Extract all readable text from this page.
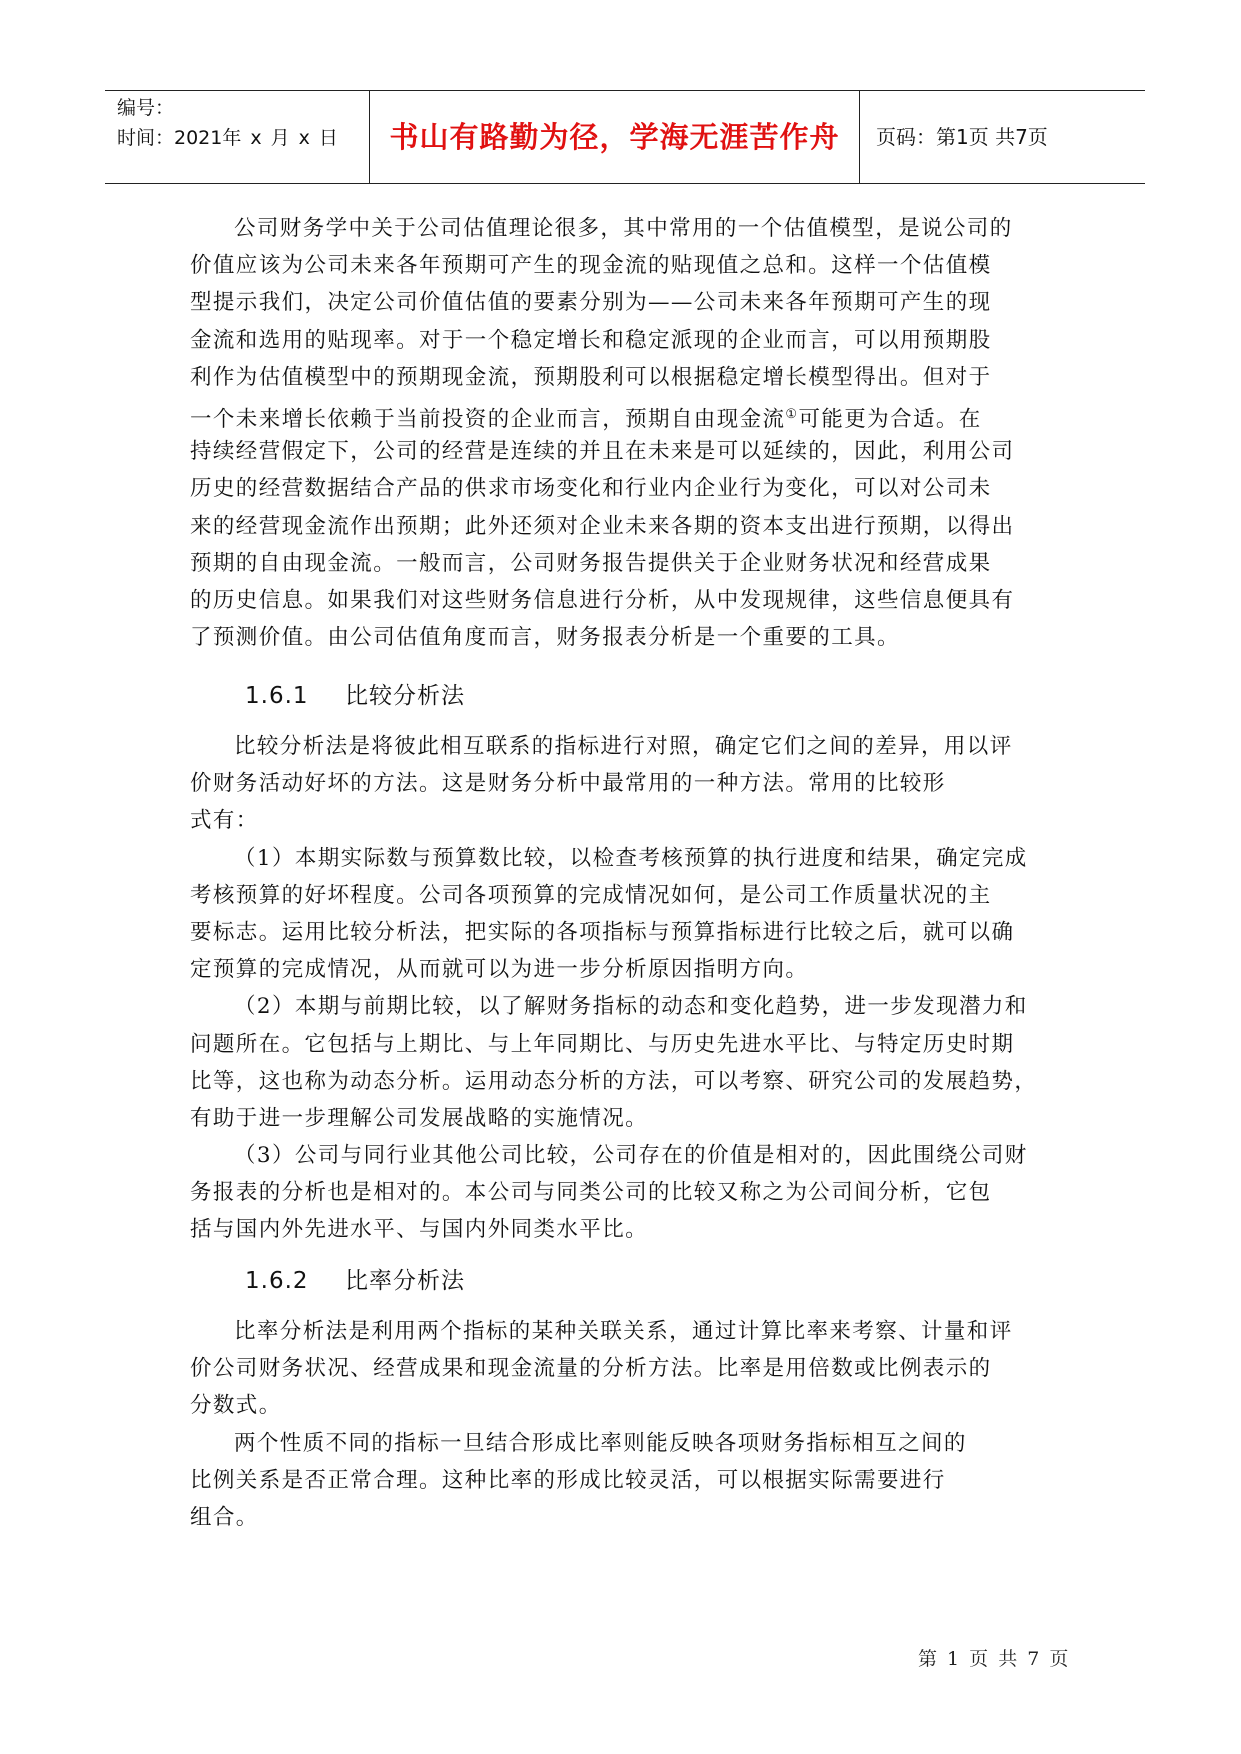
编号：
时间：2021年 x 月 x 日	书山有路勤为径，学海无涯苦作舟	页码：第1页 共7页
公司财务学中关于公司估值理论很多，其中常用的一个估值模型，是说公司的
价值应该为公司未来各年预期可产生的现金流的贴现值之总和。这样一个估值模
型提示我们，决定公司价值估值的要素分别为——公司未来各年预期可产生的现
金流和选用的贴现率。对于一个稳定增长和稳定派现的企业而言，可以用预期股
利作为估值模型中的预期现金流，预期股利可以根据稳定增长模型得出。但对于
一个未来增长依赖于当前投资的企业而言，预期自由现金流①可能更为合适。在
持续经营假定下，公司的经营是连续的并且在未来是可以延续的，因此，利用公司
历史的经营数据结合产品的供求市场变化和行业内企业行为变化，可以对公司未
来的经营现金流作出预期；此外还须对企业未来各期的资本支出进行预期，以得出
预期的自由现金流。一般而言，公司财务报告提供关于企业财务状况和经营成果
的历史信息。如果我们对这些财务信息进行分析，从中发现规律，这些信息便具有
了预测价值。由公司估值角度而言，财务报表分析是一个重要的工具。
1.6.1 比较分析法
比较分析法是将彼此相互联系的指标进行对照，确定它们之间的差异，用以评
价财务活动好坏的方法。这是财务分析中最常用的一种方法。常用的比较形
式有：
（1）本期实际数与预算数比较，以检查考核预算的执行进度和结果，确定完成
考核预算的好坏程度。公司各项预算的完成情况如何，是公司工作质量状况的主
要标志。运用比较分析法，把实际的各项指标与预算指标进行比较之后，就可以确
定预算的完成情况，从而就可以为进一步分析原因指明方向。
（2）本期与前期比较，以了解财务指标的动态和变化趋势，进一步发现潜力和
问题所在。它包括与上期比、与上年同期比、与历史先进水平比、与特定历史时期
比等，这也称为动态分析。运用动态分析的方法，可以考察、研究公司的发展趋势，
有助于进一步理解公司发展战略的实施情况。
（3）公司与同行业其他公司比较，公司存在的价值是相对的，因此围绕公司财
务报表的分析也是相对的。本公司与同类公司的比较又称之为公司间分析，它包
括与国内外先进水平、与国内外同类水平比。
1.6.2 比率分析法
比率分析法是利用两个指标的某种关联关系，通过计算比率来考察、计量和评
价公司财务状况、经营成果和现金流量的分析方法。比率是用倍数或比例表示的
分数式。
两个性质不同的指标一旦结合形成比率则能反映各项财务指标相互之间的
比例关系是否正常合理。这种比率的形成比较灵活，可以根据实际需要进行
组合。
第 1 页 共 7 页
